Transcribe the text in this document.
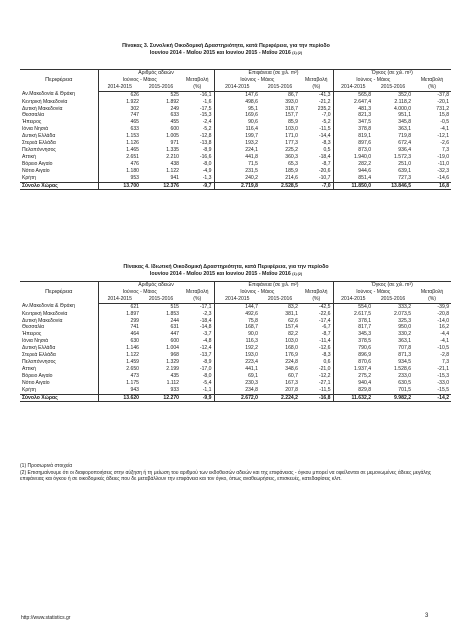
Πίνακας 3. Συνολική Οικοδομική Δραστηριότητα, κατά Περιφέρεια, για την περίοδο
Ιουνίου 2014 - Μαΐου 2015 και Ιουνίου 2015 - Μαΐου 2016 $^{(1) (2)}$
Περιφέρεια	Αριθμός αδειών			Επιφάνεια (σε χιλ. m²)			Όγκος (σε χιλ. m³)		
	Ιούνιος - Μάιος		Μεταβολή	Ιούνιος - Μάιος		Μεταβολή	Ιούνιος - Μάιος		Μεταβολή
	2014-2015	2015-2016	(%)	2014-2015	2015-2016	(%)	2014-2015	2015-2016	(%)
Αν.Μακεδονία & Θράκη	626	525	-16,1	147,6	86,7	-41,3	565,8	352,0	-37,8
Κεντρική Μακεδονία	1.922	1.892	-1,6	498,6	393,0	-21,2	2.647,4	2.118,2	-20,1
Δυτική Μακεδονία	302	249	-17,5	95,1	318,7	235,2	481,3	4.000,0	731,2
Θεσσαλία	747	633	-15,3	169,6	157,7	-7,0	821,3	951,1	15,8
Ήπειρος	465	455	-2,4	90,6	85,9	-5,2	347,5	345,8	-0,5
Ιόνια Νησιά	633	600	-5,2	116,4	103,0	-11,5	378,8	363,1	-4,1
Δυτική Ελλάδα	1.153	1.005	-12,8	199,7	171,0	-14,4	819,1	719,8	-12,1
Στερεά Ελλάδα	1.126	971	-13,8	193,2	177,3	-8,3	897,6	672,4	-2,6
Πελοπόννησος	1.465	1.335	-8,9	224,1	225,2	0,5	873,0	936,4	7,3
Αττική	2.651	2.210	-16,6	441,8	360,3	-18,4	1.940,0	1.572,3	-19,0
Βόρειο Αιγαίο	476	438	-8,0	71,5	65,3	-8,7	282,2	251,0	-11,0
Νότιο Αιγαίο	1.180	1.122	-4,9	231,5	185,9	-20,6	944,6	639,1	-32,3
Κρήτη	953	941	-1,3	240,2	214,6	-10,7	851,4	727,3	-14,6
Σύνολο Χώρας	13.700	12.376	-9,7	2.719,8	2.528,5	-7,0	11.850,0	13.846,5	16,8
Πίνακας 4. Ιδιωτική Οικοδομική Δραστηριότητα, κατά Περιφέρεια, για την περίοδο
Ιουνίου 2014 - Μαΐου 2015 και Ιουνίου 2015 - Μαΐου 2016 $^{(1) (2)}$
Περιφέρεια	Αριθμός αδειών			Επιφάνεια (σε χιλ. m²)			Όγκος (σε χιλ. m³)		
	Ιούνιος - Μάιος		Μεταβολή	Ιούνιος - Μάιος		Μεταβολή	Ιούνιος - Μάιος		Μεταβολή
	2014-2015	2015-2016	(%)	2014-2015	2015-2016	(%)	2014-2015	2015-2016	(%)
Αν.Μακεδονία & Θράκη	621	515	-17,1	144,7	83,2	-42,5	554,0	333,2	-39,9
Κεντρική Μακεδονία	1.897	1.853	-2,3	492,6	381,1	-22,6	2.617,5	2.073,5	-20,8
Δυτική Μακεδονία	299	244	-18,4	75,8	62,6	-17,4	378,1	325,3	-14,0
Θεσσαλία	741	631	-14,8	168,7	157,4	-6,7	817,7	950,0	16,2
Ήπειρος	464	447	-3,7	90,0	82,2	-8,7	345,3	330,2	-4,4
Ιόνια Νησιά	630	600	-4,8	116,3	103,0	-11,4	378,5	363,1	-4,1
Δυτική Ελλάδα	1.146	1.004	-12,4	192,2	168,0	-12,6	790,6	707,8	-10,5
Στερεά Ελλάδα	1.122	968	-13,7	193,0	176,9	-8,3	896,9	871,3	-2,8
Πελοπόννησος	1.459	1.329	-8,9	223,4	224,8	0,6	870,6	934,5	7,3
Αττική	2.650	2.199	-17,0	441,1	348,6	-21,0	1.937,4	1.528,6	-21,1
Βόρειο Αιγαίο	473	435	-8,0	69,1	60,7	-12,2	275,2	233,0	-15,3
Νότιο Αιγαίο	1.175	1.112	-5,4	230,3	167,3	-27,1	940,4	630,5	-33,0
Κρήτη	943	933	-1,1	234,8	207,8	-11,5	829,8	701,5	-15,5
Σύνολο Χώρας	13.620	12.270	-9,9	2.672,0	2.224,2	-16,8	11.632,2	9.982,2	-14,2
(1) Προσωρινά στοιχεία
(2) Επισημαίνουμε ότι οι διαφοροποιήσεις στην αύξηση ή τη μείωση του αριθμού των εκδοθεισών αδειών και της επιφάνειας - όγκου μπορεί να οφείλονται σε μεμονωμένες άδειες μεγάλης επιφάνειας και όγκου ή σε οικοδομικές άδειες που δε μεταβάλλουν την επιφάνεια και τον όγκο, όπως αναθεωρήσεις, επισκευές, κατεδαφίσεις κλπ.
http://www.statistics.gr	3
